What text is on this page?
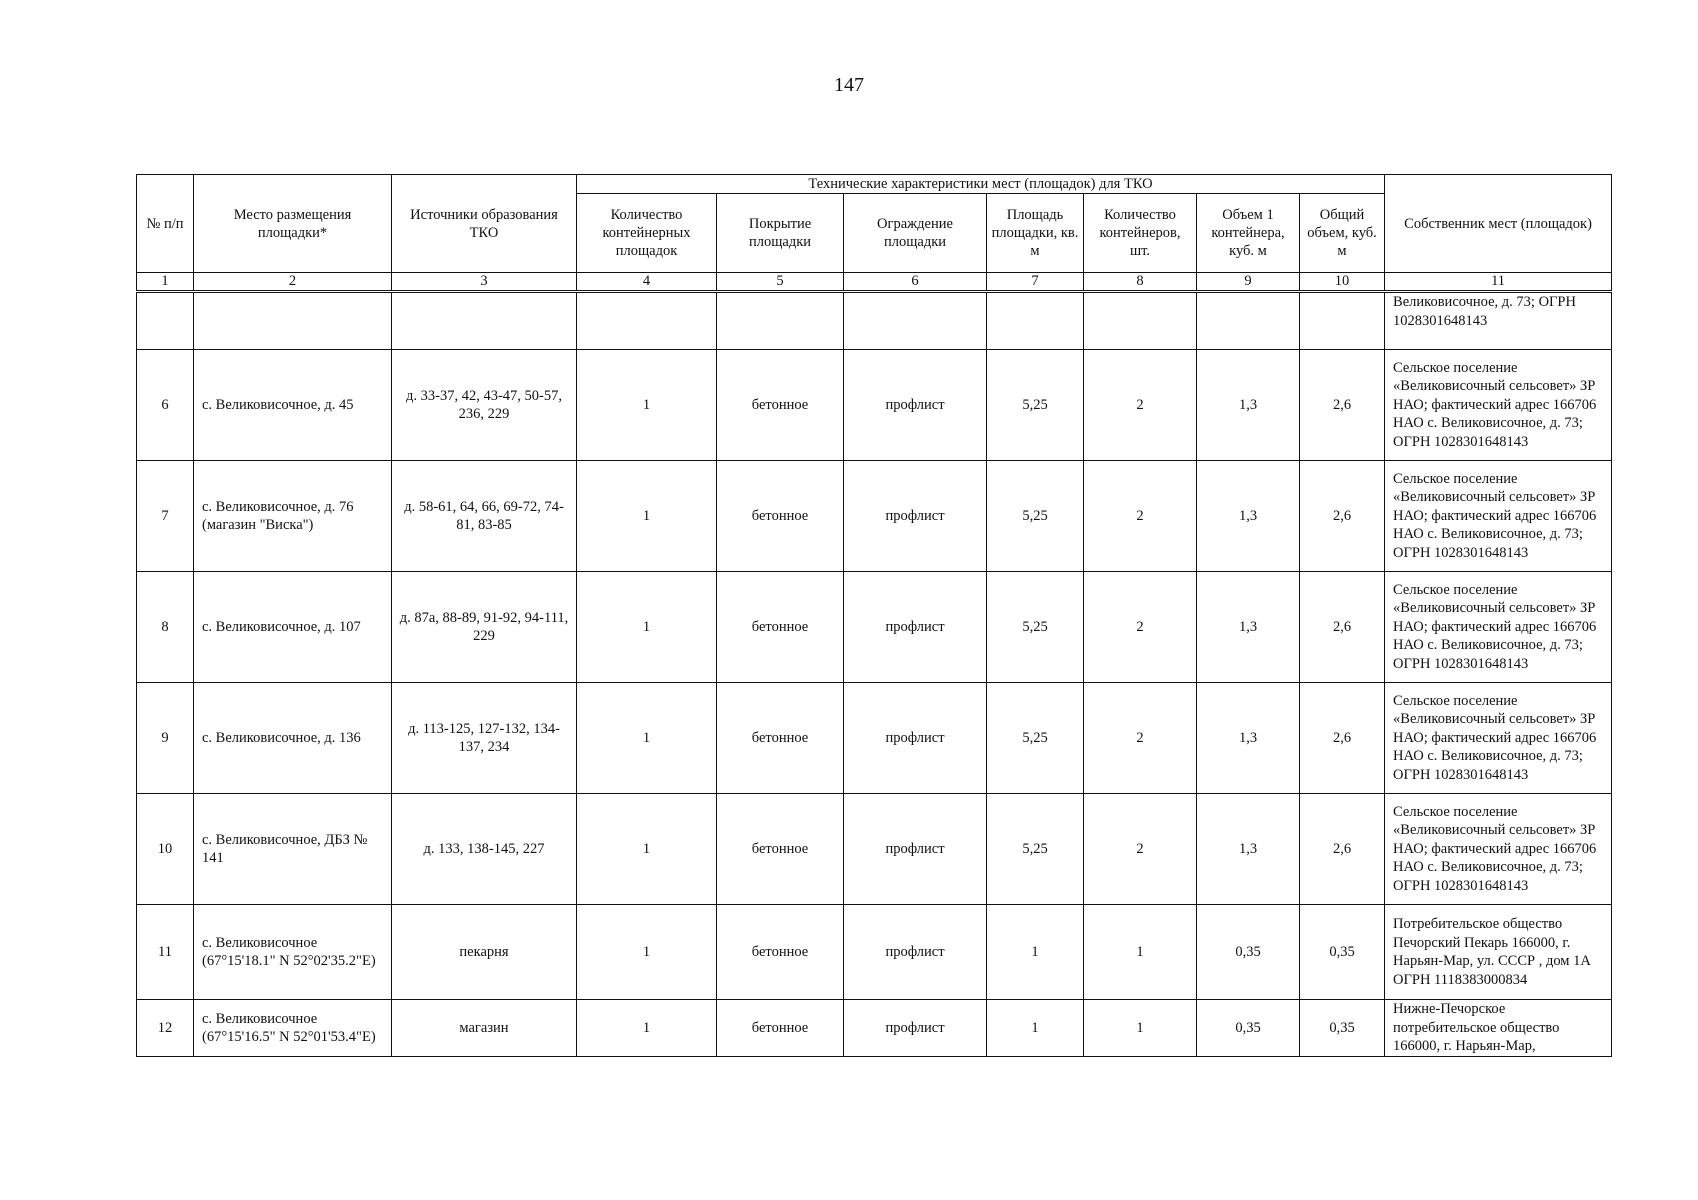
147
№ п/п	Место размещения площадки*	Источники образования ТКО	Технические характеристики мест (площадок) для ТКО							Собственник мест (площадок)
			Количество контейнерных площадок	Покрытие площадки	Ограждение площадки	Площадь площадки, кв. м	Количество контейнеров, шт.	Объем 1 контейнера, куб. м	Общий объем, куб. м	
1	2	3	4	5	6	7	8	9	10	11
										Великовисочное, д. 73; ОГРН 1028301648143
6	с. Великовисочное, д. 45	д. 33-37, 42, 43-47, 50-57, 236, 229	1	бетонное	профлист	5,25	2	1,3	2,6	Сельское поселение «Великовисочный сельсовет» ЗР НАО; фактический адрес 166706 НАО с. Великовисочное, д. 73; ОГРН 1028301648143
7	с. Великовисочное, д. 76 (магазин "Виска")	д. 58-61, 64, 66, 69-72, 74-81, 83-85	1	бетонное	профлист	5,25	2	1,3	2,6	Сельское поселение «Великовисочный сельсовет» ЗР НАО; фактический адрес 166706 НАО с. Великовисочное, д. 73; ОГРН 1028301648143
8	с. Великовисочное, д. 107	д. 87а, 88-89, 91-92, 94-111, 229	1	бетонное	профлист	5,25	2	1,3	2,6	Сельское поселение «Великовисочный сельсовет» ЗР НАО; фактический адрес 166706 НАО с. Великовисочное, д. 73; ОГРН 1028301648143
9	с. Великовисочное, д. 136	д. 113-125, 127-132, 134-137, 234	1	бетонное	профлист	5,25	2	1,3	2,6	Сельское поселение «Великовисочный сельсовет» ЗР НАО; фактический адрес 166706 НАО с. Великовисочное, д. 73; ОГРН 1028301648143
10	с. Великовисочное, ДБЗ № 141	д. 133, 138-145, 227	1	бетонное	профлист	5,25	2	1,3	2,6	Сельское поселение «Великовисочный сельсовет» ЗР НАО; фактический адрес 166706 НАО с. Великовисочное, д. 73; ОГРН 1028301648143
11	с. Великовисочное (67°15'18.1" N 52°02'35.2"E)	пекарня	1	бетонное	профлист	1	1	0,35	0,35	Потребительское общество Печорский Пекарь 166000, г. Нарьян-Мар, ул. СССР , дом 1А ОГРН 1118383000834
12	с. Великовисочное (67°15'16.5" N 52°01'53.4"E)	магазин	1	бетонное	профлист	1	1	0,35	0,35	Нижне-Печорское потребительское общество 166000, г. Нарьян-Мар,
